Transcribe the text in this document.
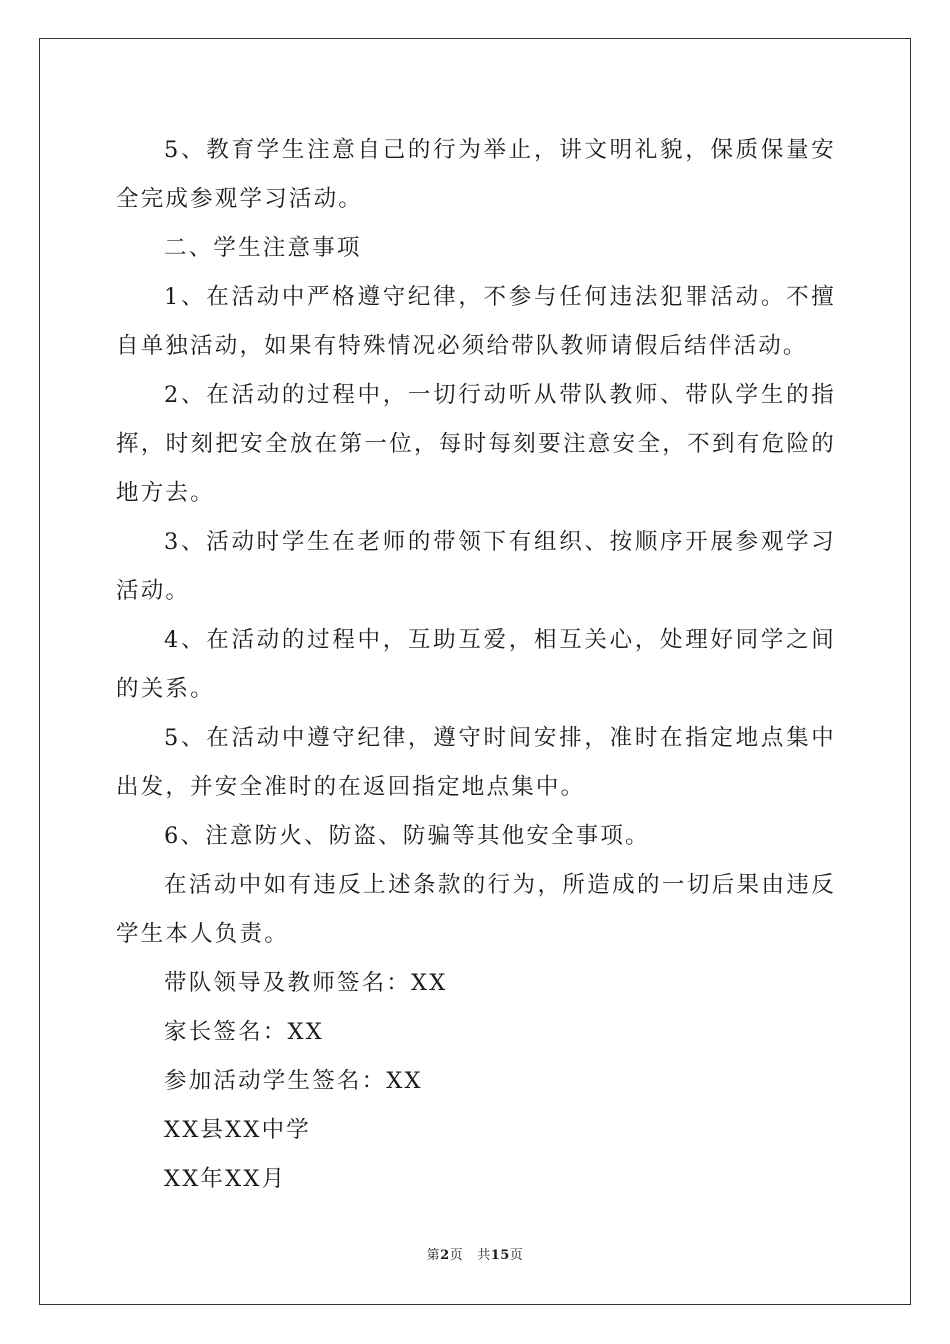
5、教育学生注意自己的行为举止，讲文明礼貌，保质保量安全完成参观学习活动。

二、学生注意事项

1、在活动中严格遵守纪律，不参与任何违法犯罪活动。不擅自单独活动，如果有特殊情况必须给带队教师请假后结伴活动。

2、在活动的过程中，一切行动听从带队教师、带队学生的指挥，时刻把安全放在第一位，每时每刻要注意安全，不到有危险的地方去。

3、活动时学生在老师的带领下有组织、按顺序开展参观学习活动。

4、在活动的过程中，互助互爱，相互关心，处理好同学之间的关系。

5、在活动中遵守纪律，遵守时间安排，准时在指定地点集中出发，并安全准时的在返回指定地点集中。

6、注意防火、防盗、防骗等其他安全事项。

在活动中如有违反上述条款的行为，所造成的一切后果由违反学生本人负责。

带队领导及教师签名：XX

家长签名：XX

参加活动学生签名：XX

XX县XX中学

XX年XX月

第2页 共15页
